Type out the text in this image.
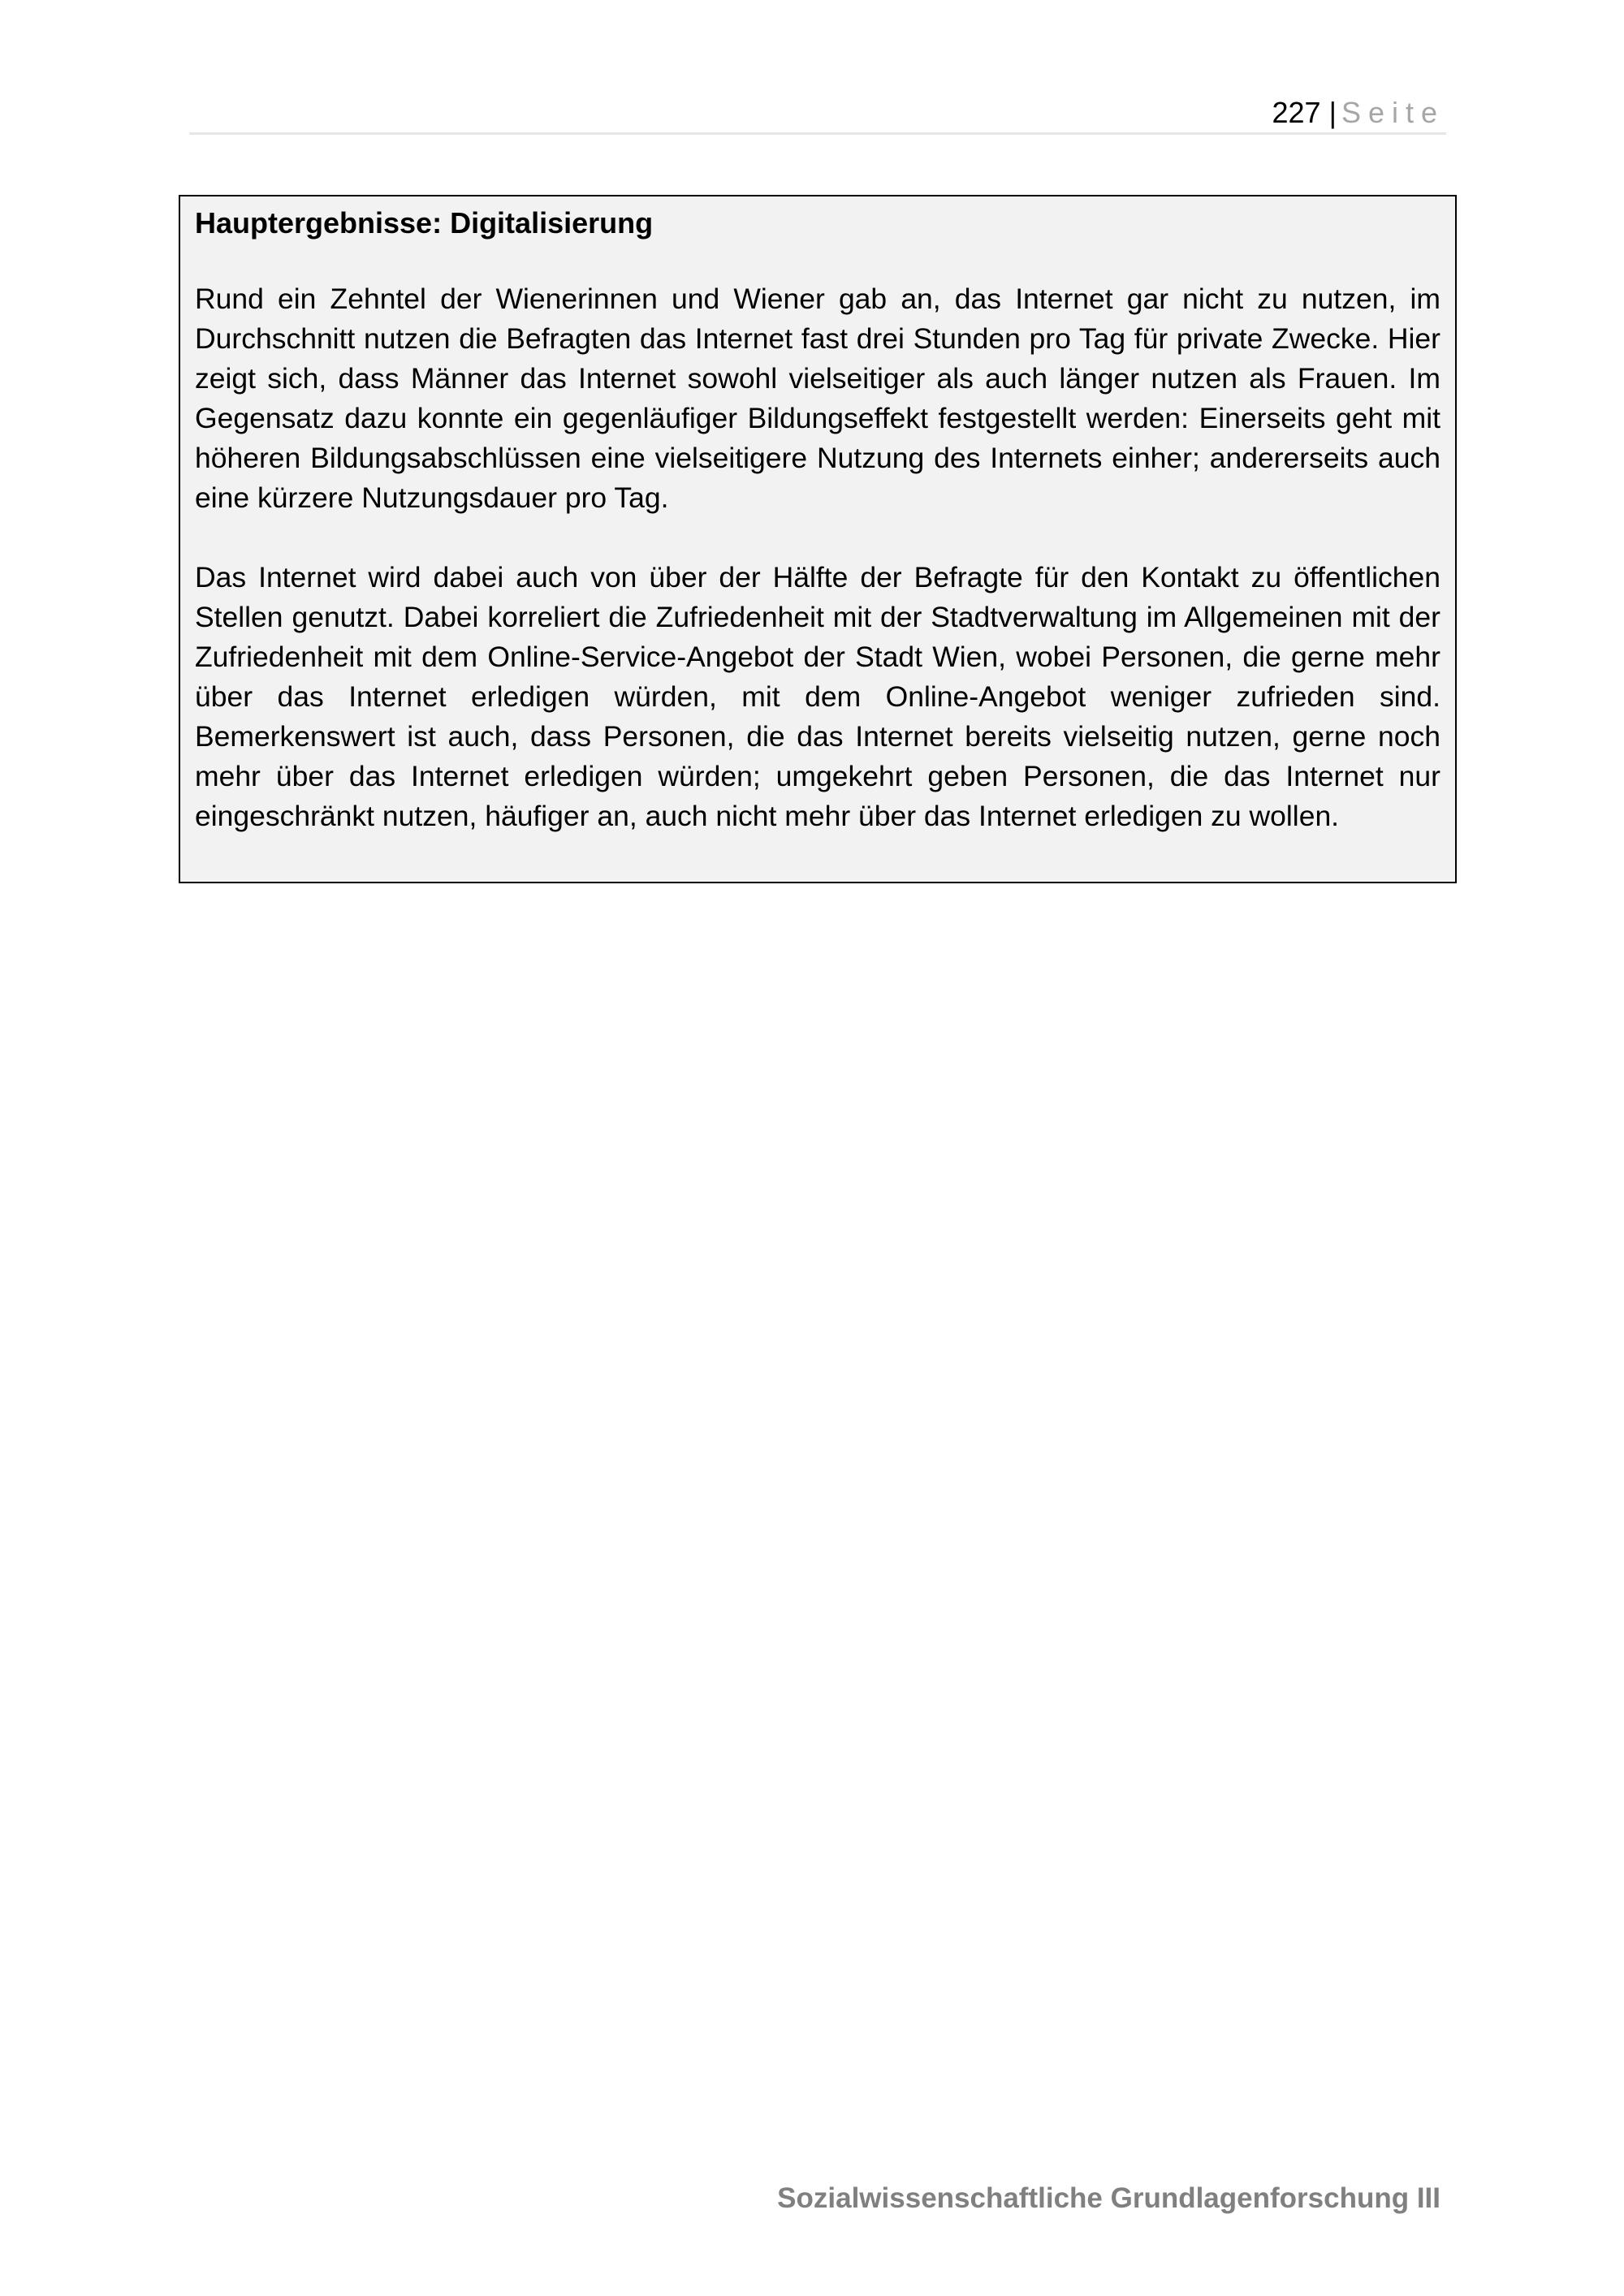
227 | Seite
Hauptergebnisse: Digitalisierung

Rund ein Zehntel der Wienerinnen und Wiener gab an, das Internet gar nicht zu nutzen, im Durchschnitt nutzen die Befragten das Internet fast drei Stunden pro Tag für private Zwecke. Hier zeigt sich, dass Männer das Internet sowohl vielseitiger als auch länger nutzen als Frauen. Im Gegensatz dazu konnte ein gegenläufiger Bildungseffekt festgestellt werden: Einerseits geht mit höheren Bildungsabschlüssen eine vielseitigere Nutzung des Internets einher; andererseits auch eine kürzere Nutzungsdauer pro Tag.

Das Internet wird dabei auch von über der Hälfte der Befragte für den Kontakt zu öffentlichen Stellen genutzt. Dabei korreliert die Zufriedenheit mit der Stadtverwaltung im Allgemeinen mit der Zufriedenheit mit dem Online-Service-Angebot der Stadt Wien, wobei Personen, die gerne mehr über das Internet erledigen würden, mit dem Online-Angebot weniger zufrieden sind. Bemerkenswert ist auch, dass Personen, die das Internet bereits vielseitig nutzen, gerne noch mehr über das Internet erledigen würden; umgekehrt geben Personen, die das Internet nur eingeschränkt nutzen, häufiger an, auch nicht mehr über das Internet erledigen zu wollen.

Sozialwissenschaftliche Grundlagenforschung III
